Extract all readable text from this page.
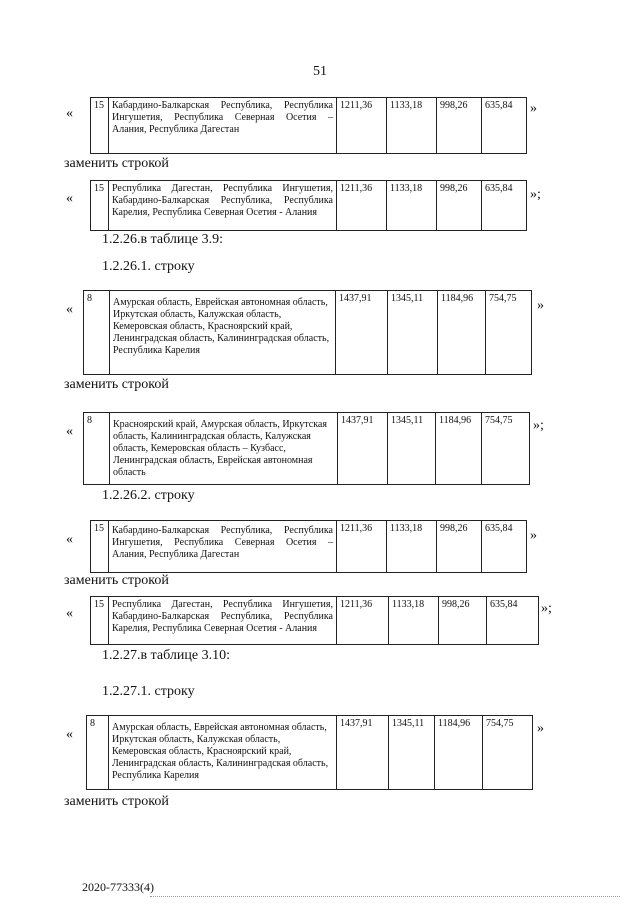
51
«
15	Кабардино-Балкарская Республика, Республика Ингушетия, Республика Северная Осетия – Алания, Республика Дагестан	1211,36	1133,18	998,26	635,84 »
заменить строкой
«
15	Республика Дагестан, Республика Ингушетия, Кабардино-Балкарская Республика, Республика Карелия, Республика Северная Осетия - Алания	1211,36	1133,18	998,26	635,84 »;
1.2.26.в таблице 3.9:
1.2.26.1. строку
«
8	Амурская область, Еврейская автономная область, Иркутская область, Калужская область, Кемеровская область, Красноярский край, Ленинградская область, Калининградская область, Республика Карелия	1437,91	1345,11	1184,96	754,75 »
заменить строкой
«
8	Красноярский край, Амурская область, Иркутская область, Калининградская область, Калужская область, Кемеровская область – Кузбасс, Ленинградская область, Еврейская автономная область	1437,91	1345,11	1184,96	754,75 »;
1.2.26.2. строку
«
15	Кабардино-Балкарская Республика, Республика Ингушетия, Республика Северная Осетия – Алания, Республика Дагестан	1211,36	1133,18	998,26	635,84 »
заменить строкой
«
15	Республика Дагестан, Республика Ингушетия, Кабардино-Балкарская Республика, Республика Карелия, Республика Северная Осетия - Алания	1211,36	1133,18	998,26	635,84 »;
1.2.27.в таблице 3.10:
1.2.27.1. строку
«
8	Амурская область, Еврейская автономная область, Иркутская область, Калужская область, Кемеровская область, Красноярский край, Ленинградская область, Калининградская область, Республика Карелия	1437,91	1345,11	1184,96	754,75 »
заменить строкой
2020-77333(4)
